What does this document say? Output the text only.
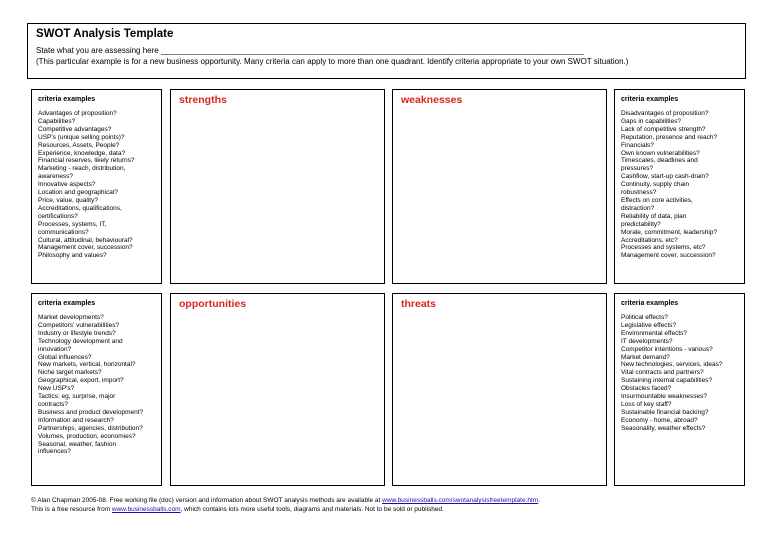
SWOT Analysis Template
State what you are assessing here _______________________________________________________________________________________________
(This particular example is for a new business opportunity. Many criteria can apply to more than one quadrant. Identify criteria appropriate to your own SWOT situation.)
criteria examples
Advantages of proposition?
Capabilities?
Competitive advantages?
USP's (unique selling points)?
Resources, Assets, People?
Experience, knowledge, data?
Financial reserves, likely returns?
Marketing - reach, distribution,
awareness?
Innovative aspects?
Location and geographical?
Price, value, quality?
Accreditations, qualifications,
certifications?
Processes, systems, IT,
communications?
Cultural, attitudinal, behavioural?
Management cover, succession?
Philosophy and values?
strengths	weaknesses	criteria examples
Disadvantages of proposition?
Gaps in capabilities?
Lack of competitive strength?
Reputation, presence and reach?
Financials?
Own known vulnerabilities?
Timescales, deadlines and
pressures?
Cashflow, start-up cash-drain?
Continuity, supply chain
robustness?
Effects on core activities,
distraction?
Reliability of data, plan
predictability?
Morale, commitment, leadership?
Accreditations, etc?
Processes and systems, etc?
Management cover, succession?
criteria examples
Market developments?
Competitors' vulnerabilities?
Industry or lifestyle trends?
Technology development and
innovation?
Global influences?
New markets, vertical, horizontal?
Niche target markets?
Geographical, export, import?
New USP's?
Tactics: eg, surprise, major
contracts?
Business and product development?
Information and research?
Partnerships, agencies, distribution?
Volumes, production, economies?
Seasonal, weather, fashion
influences?
opportunities	threats	criteria examples
Political effects?
Legislative effects?
Environmental effects?
IT developments?
Competitor intentions - various?
Market demand?
New technologies, services, ideas?
Vital contracts and partners?
Sustaining internal capabilities?
Obstacles faced?
Insurmountable weaknesses?
Loss of key staff?
Sustainable financial backing?
Economy - home, abroad?
Seasonality, weather effects?
© Alan Chapman 2005-08. Free working file (doc) version and information about SWOT analysis methods are available at www.businessballs.com/swotanalysisfreetemplate.htm.
This is a free resource from www.businessballs.com, which contains lots more useful tools, diagrams and materials. Not to be sold or published.
